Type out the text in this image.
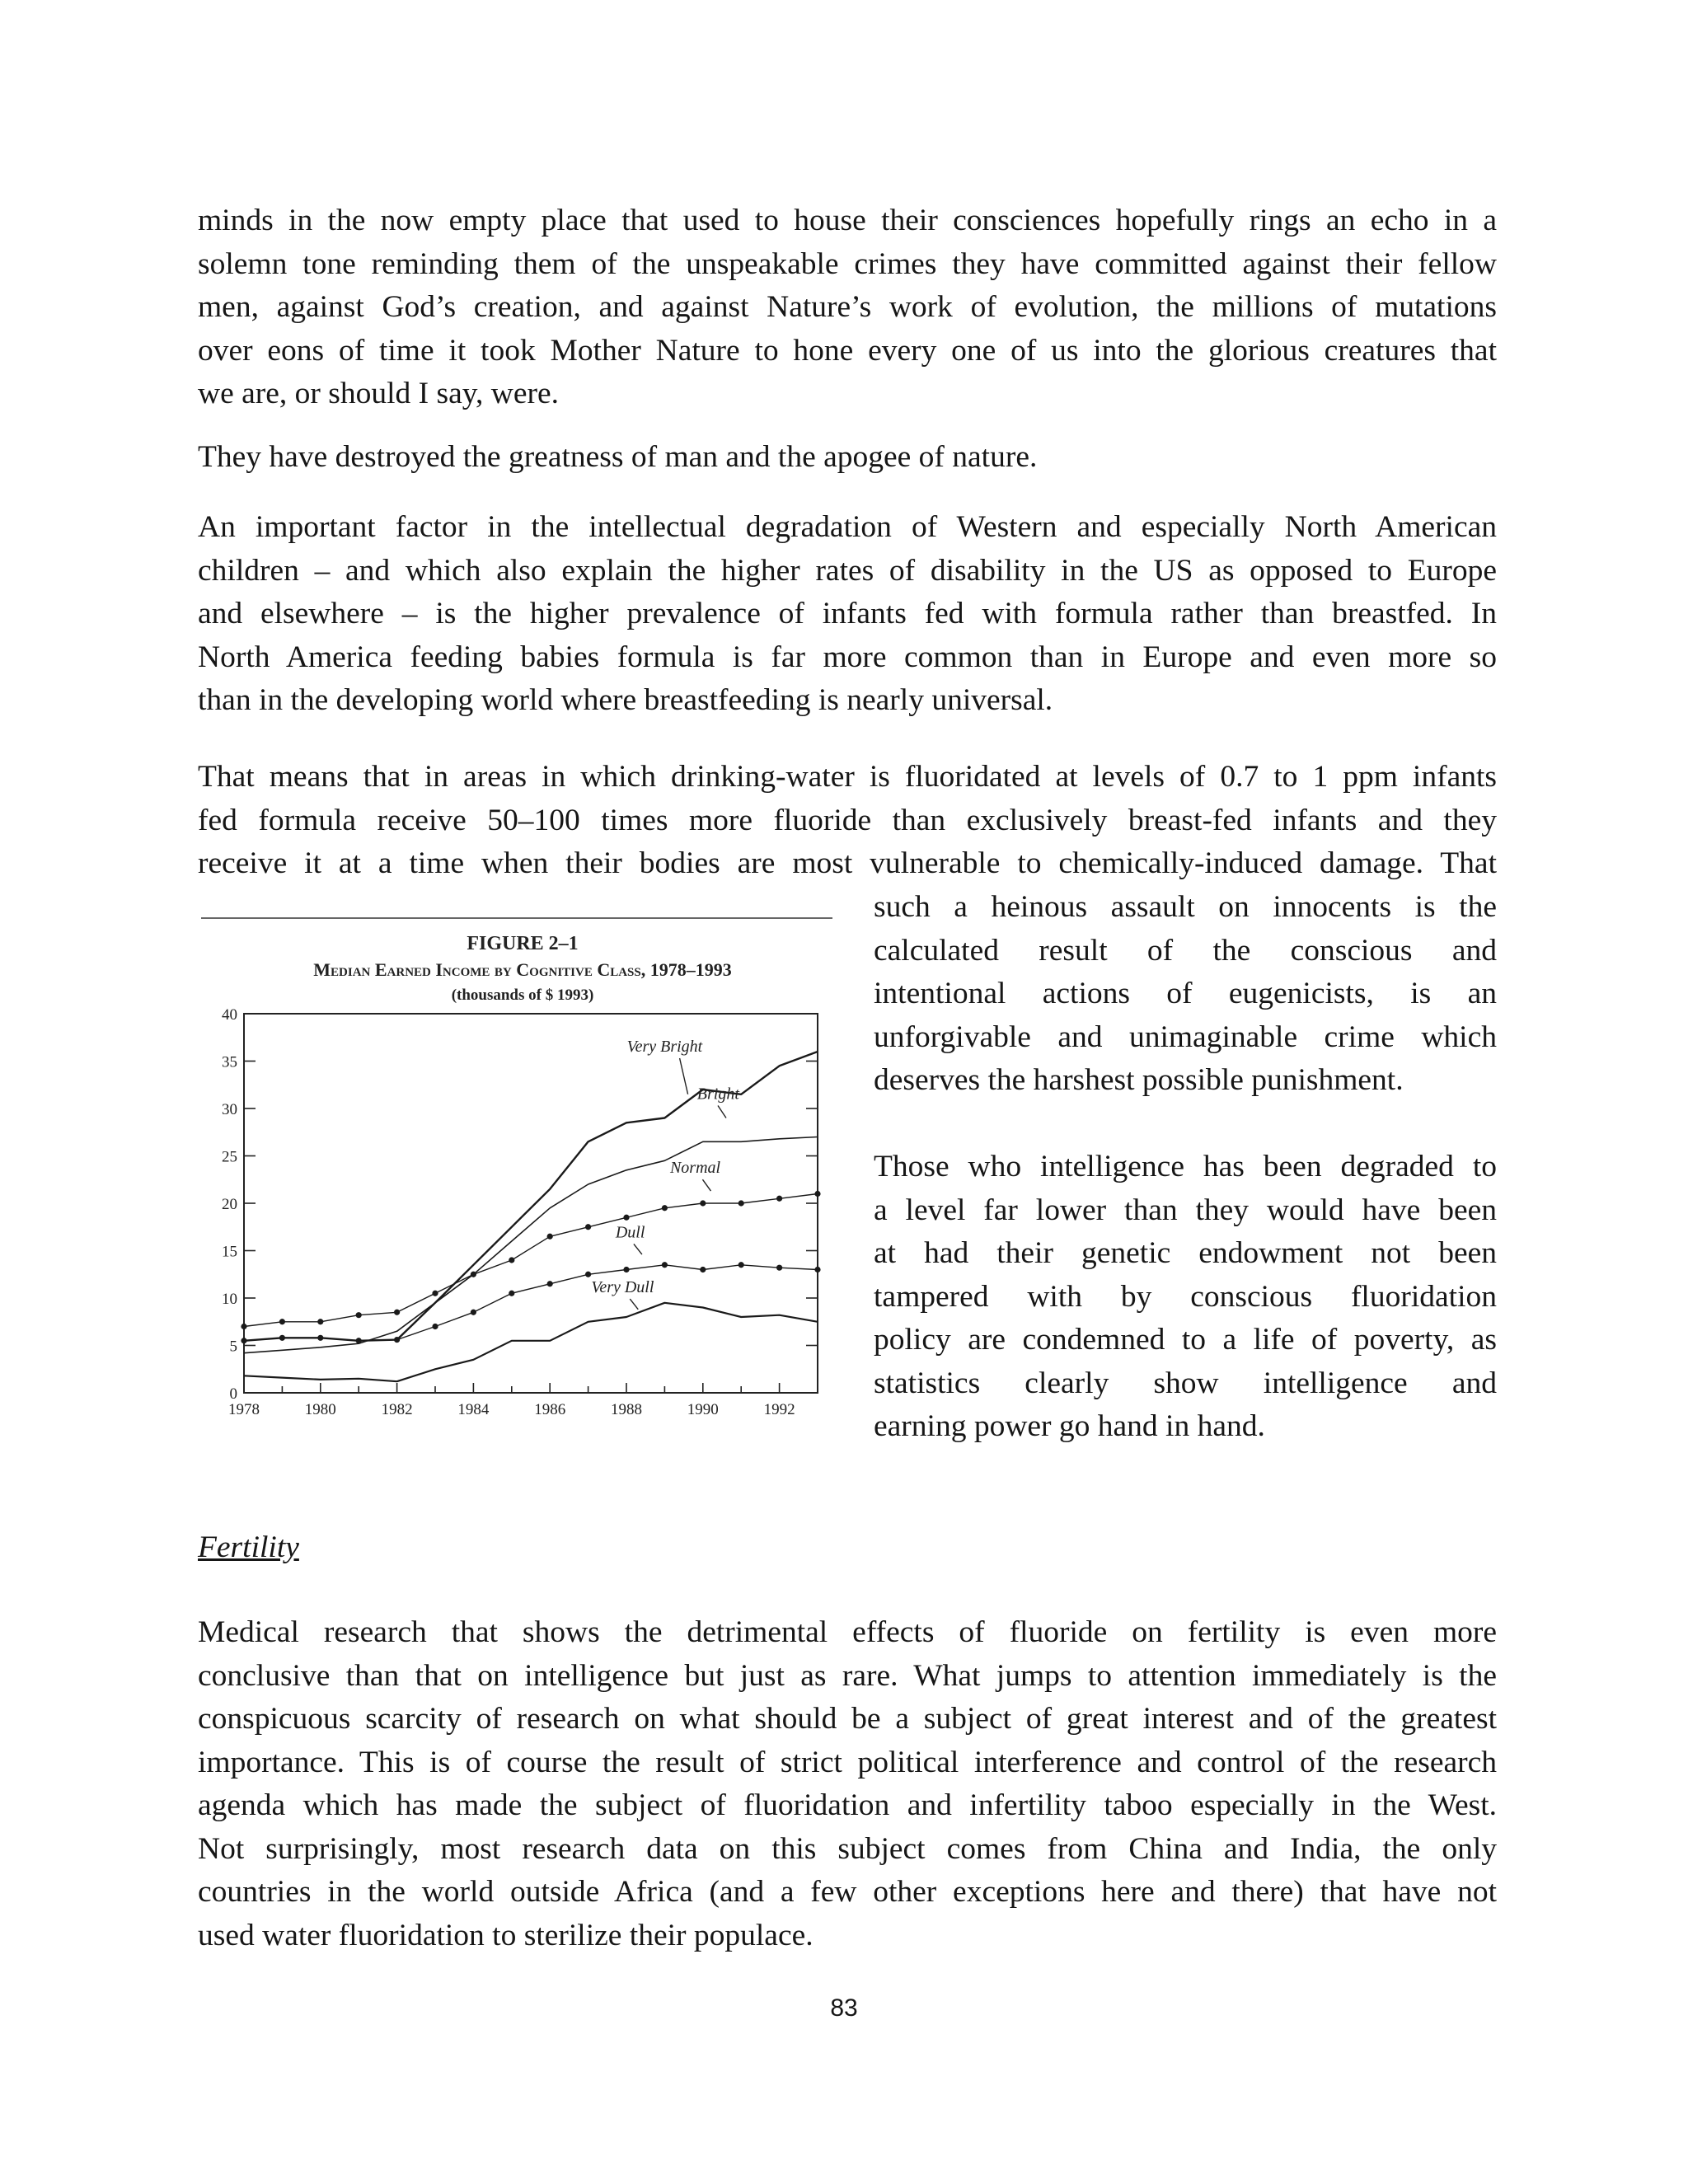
minds in the now empty place that used to house their consciences hopefully rings an echo in a
solemn tone reminding them of the unspeakable crimes they have committed against their fellow
men, against God’s creation, and against Nature’s work of evolution, the millions of mutations
over eons of time it took Mother Nature to hone every one of us into the glorious creatures that
we are, or should I say, were.

They have destroyed the greatness of man and the apogee of nature.

An important factor in the intellectual degradation of Western and especially North American
children – and which also explain the higher rates of disability in the US as opposed to Europe
and elsewhere – is the higher prevalence of infants fed with formula rather than breastfed. In
North America feeding babies formula is far more common than in Europe and even more so
than in the developing world where breastfeeding is nearly universal.

That means that in areas in which drinking-water is fluoridated at levels of 0.7 to 1 ppm infants
fed formula receive 50–100 times more fluoride than exclusively breast-fed infants and they
receive it at a time when their bodies are most vulnerable to chemically-induced damage. That

such a heinous assault on innocents is the
calculated result of the conscious and
intentional actions of eugenicists, is an
unforgivable and unimaginable crime which
deserves the harshest possible punishment.

Those who intelligence has been degraded to
a level far lower than they would have been
at had their genetic endowment not been
tampered with by conscious fluoridation
policy are condemned to a life of poverty, as
statistics clearly show intelligence and
earning power go hand in hand.

Fertility

Medical research that shows the detrimental effects of fluoride on fertility is even more
conclusive than that on intelligence but just as rare. What jumps to attention immediately is the
conspicuous scarcity of research on what should be a subject of great interest and of the greatest
importance. This is of course the result of strict political interference and control of the research
agenda which has made the subject of fluoridation and infertility taboo especially in the West.
Not surprisingly, most research data on this subject comes from China and India, the only
countries in the world outside Africa (and a few other exceptions here and there) that have not
used water fluoridation to sterilize their populace.

FIGURE 2–1
Median Earned Income by Cognitive Class, 1978–1993
(thousands of $ 1993)
0
5
10
15
20
25
30
35
40
1978	1980	1982	1984	1986	1988	1990	1992
Very Bright
Bright
Normal
Dull
Very Dull
83
